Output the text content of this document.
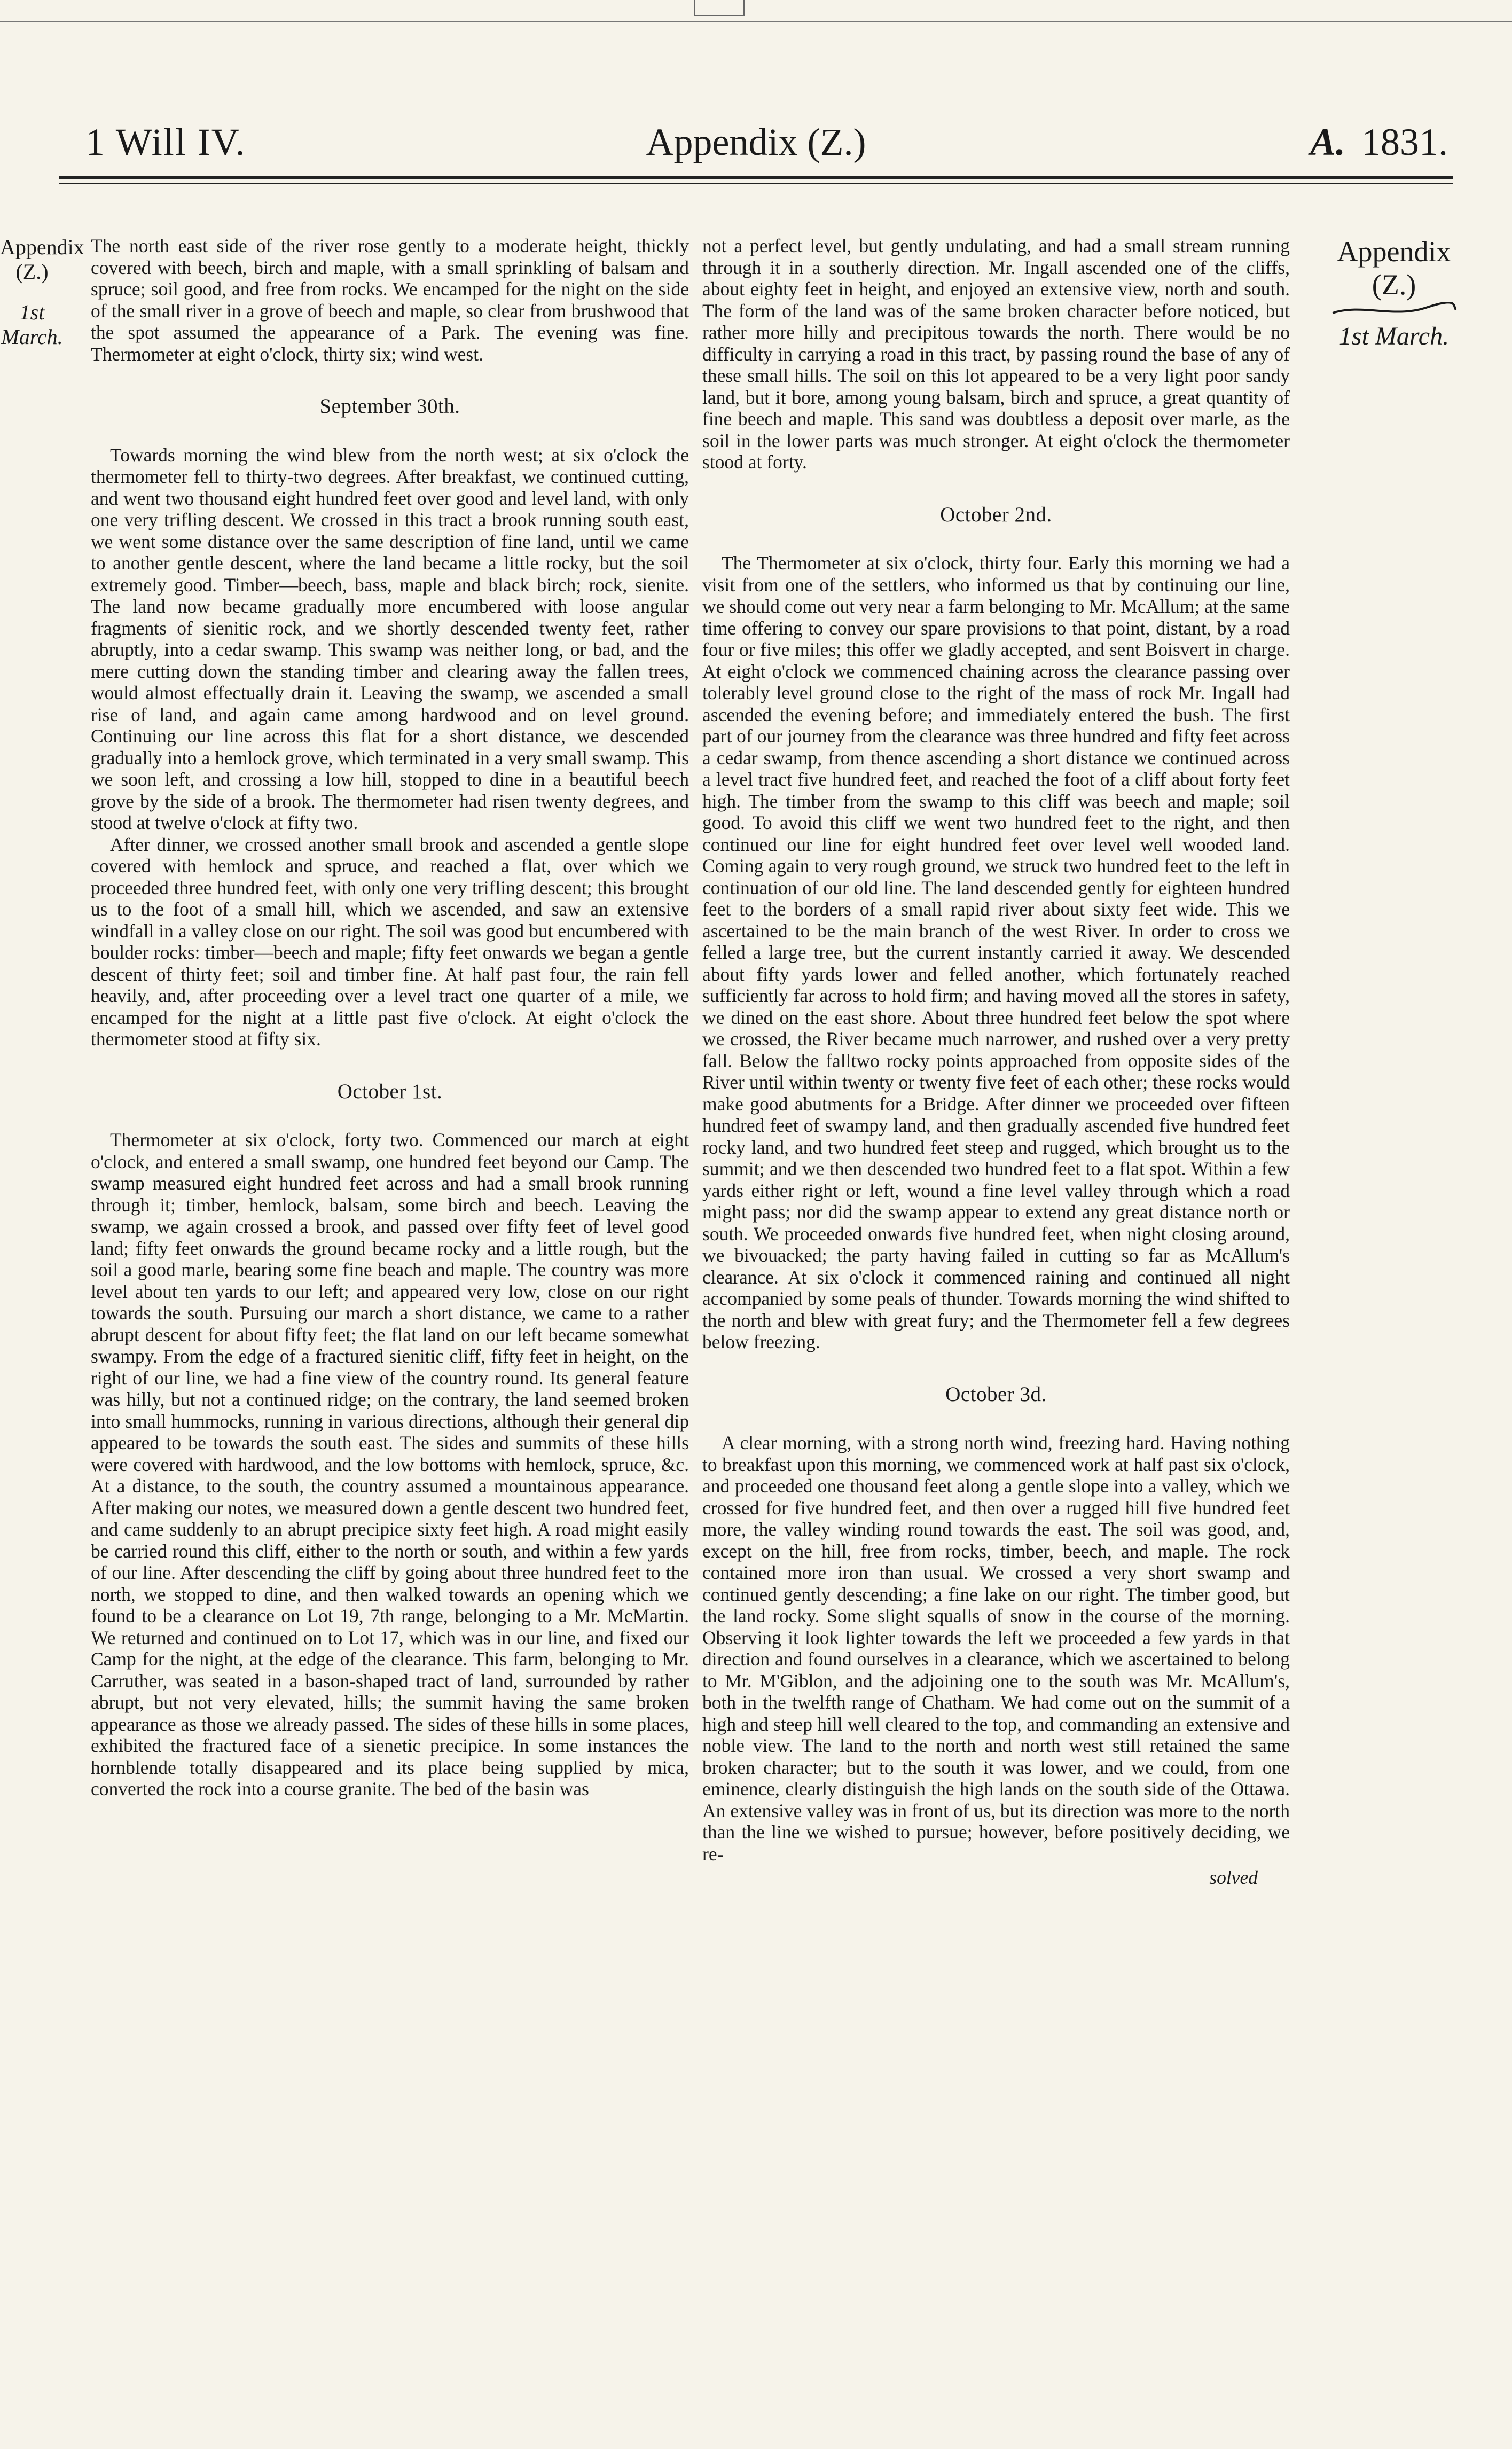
1 Will IV.	Appendix (Z.)	A. 1831.
Appendix
(Z.)
1st March.
Appendix
(Z.)
1st March.

The north east side of the river rose gently to a moderate height, thickly covered with beech, birch and maple, with a small sprinkling of balsam and spruce; soil good, and free from rocks. We encamped for the night on the side of the small river in a grove of beech and maple, so clear from brushwood that the spot assumed the appearance of a Park. The evening was fine. Thermometer at eight o'clock, thirty six; wind west.

September 30th.

Towards morning the wind blew from the north west; at six o'clock the thermometer fell to thirty-two degrees. After breakfast, we continued cutting, and went two thousand eight hundred feet over good and level land, with only one very trifling descent. We crossed in this tract a brook running south east, we went some distance over the same description of fine land, until we came to another gentle descent, where the land became a little rocky, but the soil extremely good. Timber—beech, bass, maple and black birch; rock, sienite. The land now became gradually more encumbered with loose angular fragments of sienitic rock, and we shortly descended twenty feet, rather abruptly, into a cedar swamp. This swamp was neither long, or bad, and the mere cutting down the standing timber and clearing away the fallen trees, would almost effectually drain it. Leaving the swamp, we ascended a small rise of land, and again came among hardwood and on level ground. Continuing our line across this flat for a short distance, we descended gradually into a hemlock grove, which terminated in a very small swamp. This we soon left, and crossing a low hill, stopped to dine in a beautiful beech grove by the side of a brook. The thermometer had risen twenty degrees, and stood at twelve o'clock at fifty two.

After dinner, we crossed another small brook and ascended a gentle slope covered with hemlock and spruce, and reached a flat, over which we proceeded three hundred feet, with only one very trifling descent; this brought us to the foot of a small hill, which we ascended, and saw an extensive windfall in a valley close on our right. The soil was good but encumbered with boulder rocks: timber—beech and maple; fifty feet onwards we began a gentle descent of thirty feet; soil and timber fine. At half past four, the rain fell heavily, and, after proceeding over a level tract one quarter of a mile, we encamped for the night at a little past five o'clock. At eight o'clock the thermometer stood at fifty six.

October 1st.

Thermometer at six o'clock, forty two. Commenced our march at eight o'clock, and entered a small swamp, one hundred feet beyond our Camp. The swamp measured eight hundred feet across and had a small brook running through it; timber, hemlock, balsam, some birch and beech. Leaving the swamp, we again crossed a brook, and passed over fifty feet of level good land; fifty feet onwards the ground became rocky and a little rough, but the soil a good marle, bearing some fine beach and maple. The country was more level about ten yards to our left; and appeared very low, close on our right towards the south. Pursuing our march a short distance, we came to a rather abrupt descent for about fifty feet; the flat land on our left became somewhat swampy. From the edge of a fractured sienitic cliff, fifty feet in height, on the right of our line, we had a fine view of the country round. Its general feature was hilly, but not a continued ridge; on the contrary, the land seemed broken into small hummocks, running in various directions, although their general dip appeared to be towards the south east. The sides and summits of these hills were covered with hardwood, and the low bottoms with hemlock, spruce, &c. At a distance, to the south, the country assumed a mountainous appearance. After making our notes, we measured down a gentle descent two hundred feet, and came suddenly to an abrupt precipice sixty feet high. A road might easily be carried round this cliff, either to the north or south, and within a few yards of our line. After descending the cliff by going about three hundred feet to the north, we stopped to dine, and then walked towards an opening which we found to be a clearance on Lot 19, 7th range, belonging to a Mr. McMartin. We returned and continued on to Lot 17, which was in our line, and fixed our Camp for the night, at the edge of the clearance. This farm, belonging to Mr. Carruther, was seated in a bason-shaped tract of land, surrounded by rather abrupt, but not very elevated, hills; the summit having the same broken appearance as those we already passed. The sides of these hills in some places, exhibited the fractured face of a sienetic precipice. In some instances the hornblende totally disappeared and its place being supplied by mica, converted the rock into a course granite. The bed of the basin was

not a perfect level, but gently undulating, and had a small stream running through it in a southerly direction. Mr. Ingall ascended one of the cliffs, about eighty feet in height, and enjoyed an extensive view, north and south. The form of the land was of the same broken character before noticed, but rather more hilly and precipitous towards the north. There would be no difficulty in carrying a road in this tract, by passing round the base of any of these small hills. The soil on this lot appeared to be a very light poor sandy land, but it bore, among young balsam, birch and spruce, a great quantity of fine beech and maple. This sand was doubtless a deposit over marle, as the soil in the lower parts was much stronger. At eight o'clock the thermometer stood at forty.

October 2nd.

The Thermometer at six o'clock, thirty four. Early this morning we had a visit from one of the settlers, who informed us that by continuing our line, we should come out very near a farm belonging to Mr. McAllum; at the same time offering to convey our spare provisions to that point, distant, by a road four or five miles; this offer we gladly accepted, and sent Boisvert in charge. At eight o'clock we commenced chaining across the clearance passing over tolerably level ground close to the right of the mass of rock Mr. Ingall had ascended the evening before; and immediately entered the bush. The first part of our journey from the clearance was three hundred and fifty feet across a cedar swamp, from thence ascending a short distance we continued across a level tract five hundred feet, and reached the foot of a cliff about forty feet high. The timber from the swamp to this cliff was beech and maple; soil good. To avoid this cliff we went two hundred feet to the right, and then continued our line for eight hundred feet over level well wooded land. Coming again to very rough ground, we struck two hundred feet to the left in continuation of our old line. The land descended gently for eighteen hundred feet to the borders of a small rapid river about sixty feet wide. This we ascertained to be the main branch of the west River. In order to cross we felled a large tree, but the current instantly carried it away. We descended about fifty yards lower and felled another, which fortunately reached sufficiently far across to hold firm; and having moved all the stores in safety, we dined on the east shore. About three hundred feet below the spot where we crossed, the River became much narrower, and rushed over a very pretty fall. Below the falltwo rocky points approached from opposite sides of the River until within twenty or twenty five feet of each other; these rocks would make good abutments for a Bridge. After dinner we proceeded over fifteen hundred feet of swampy land, and then gradually ascended five hundred feet rocky land, and two hundred feet steep and rugged, which brought us to the summit; and we then descended two hundred feet to a flat spot. Within a few yards either right or left, wound a fine level valley through which a road might pass; nor did the swamp appear to extend any great distance north or south. We proceeded onwards five hundred feet, when night closing around, we bivouacked; the party having failed in cutting so far as McAllum's clearance. At six o'clock it commenced raining and continued all night accompanied by some peals of thunder. Towards morning the wind shifted to the north and blew with great fury; and the Thermometer fell a few degrees below freezing.

October 3d.

A clear morning, with a strong north wind, freezing hard. Having nothing to breakfast upon this morning, we commenced work at half past six o'clock, and proceeded one thousand feet along a gentle slope into a valley, which we crossed for five hundred feet, and then over a rugged hill five hundred feet more, the valley winding round towards the east. The soil was good, and, except on the hill, free from rocks, timber, beech, and maple. The rock contained more iron than usual. We crossed a very short swamp and continued gently descending; a fine lake on our right. The timber good, but the land rocky. Some slight squalls of snow in the course of the morning. Observing it look lighter towards the left we proceeded a few yards in that direction and found ourselves in a clearance, which we ascertained to belong to Mr. M'Giblon, and the adjoining one to the south was Mr. McAllum's, both in the twelfth range of Chatham. We had come out on the summit of a high and steep hill well cleared to the top, and commanding an extensive and noble view. The land to the north and north west still retained the same broken character; but to the south it was lower, and we could, from one eminence, clearly distinguish the high lands on the south side of the Ottawa. An extensive valley was in front of us, but its direction was more to the north than the line we wished to pursue; however, before positively deciding, we re-

solved
